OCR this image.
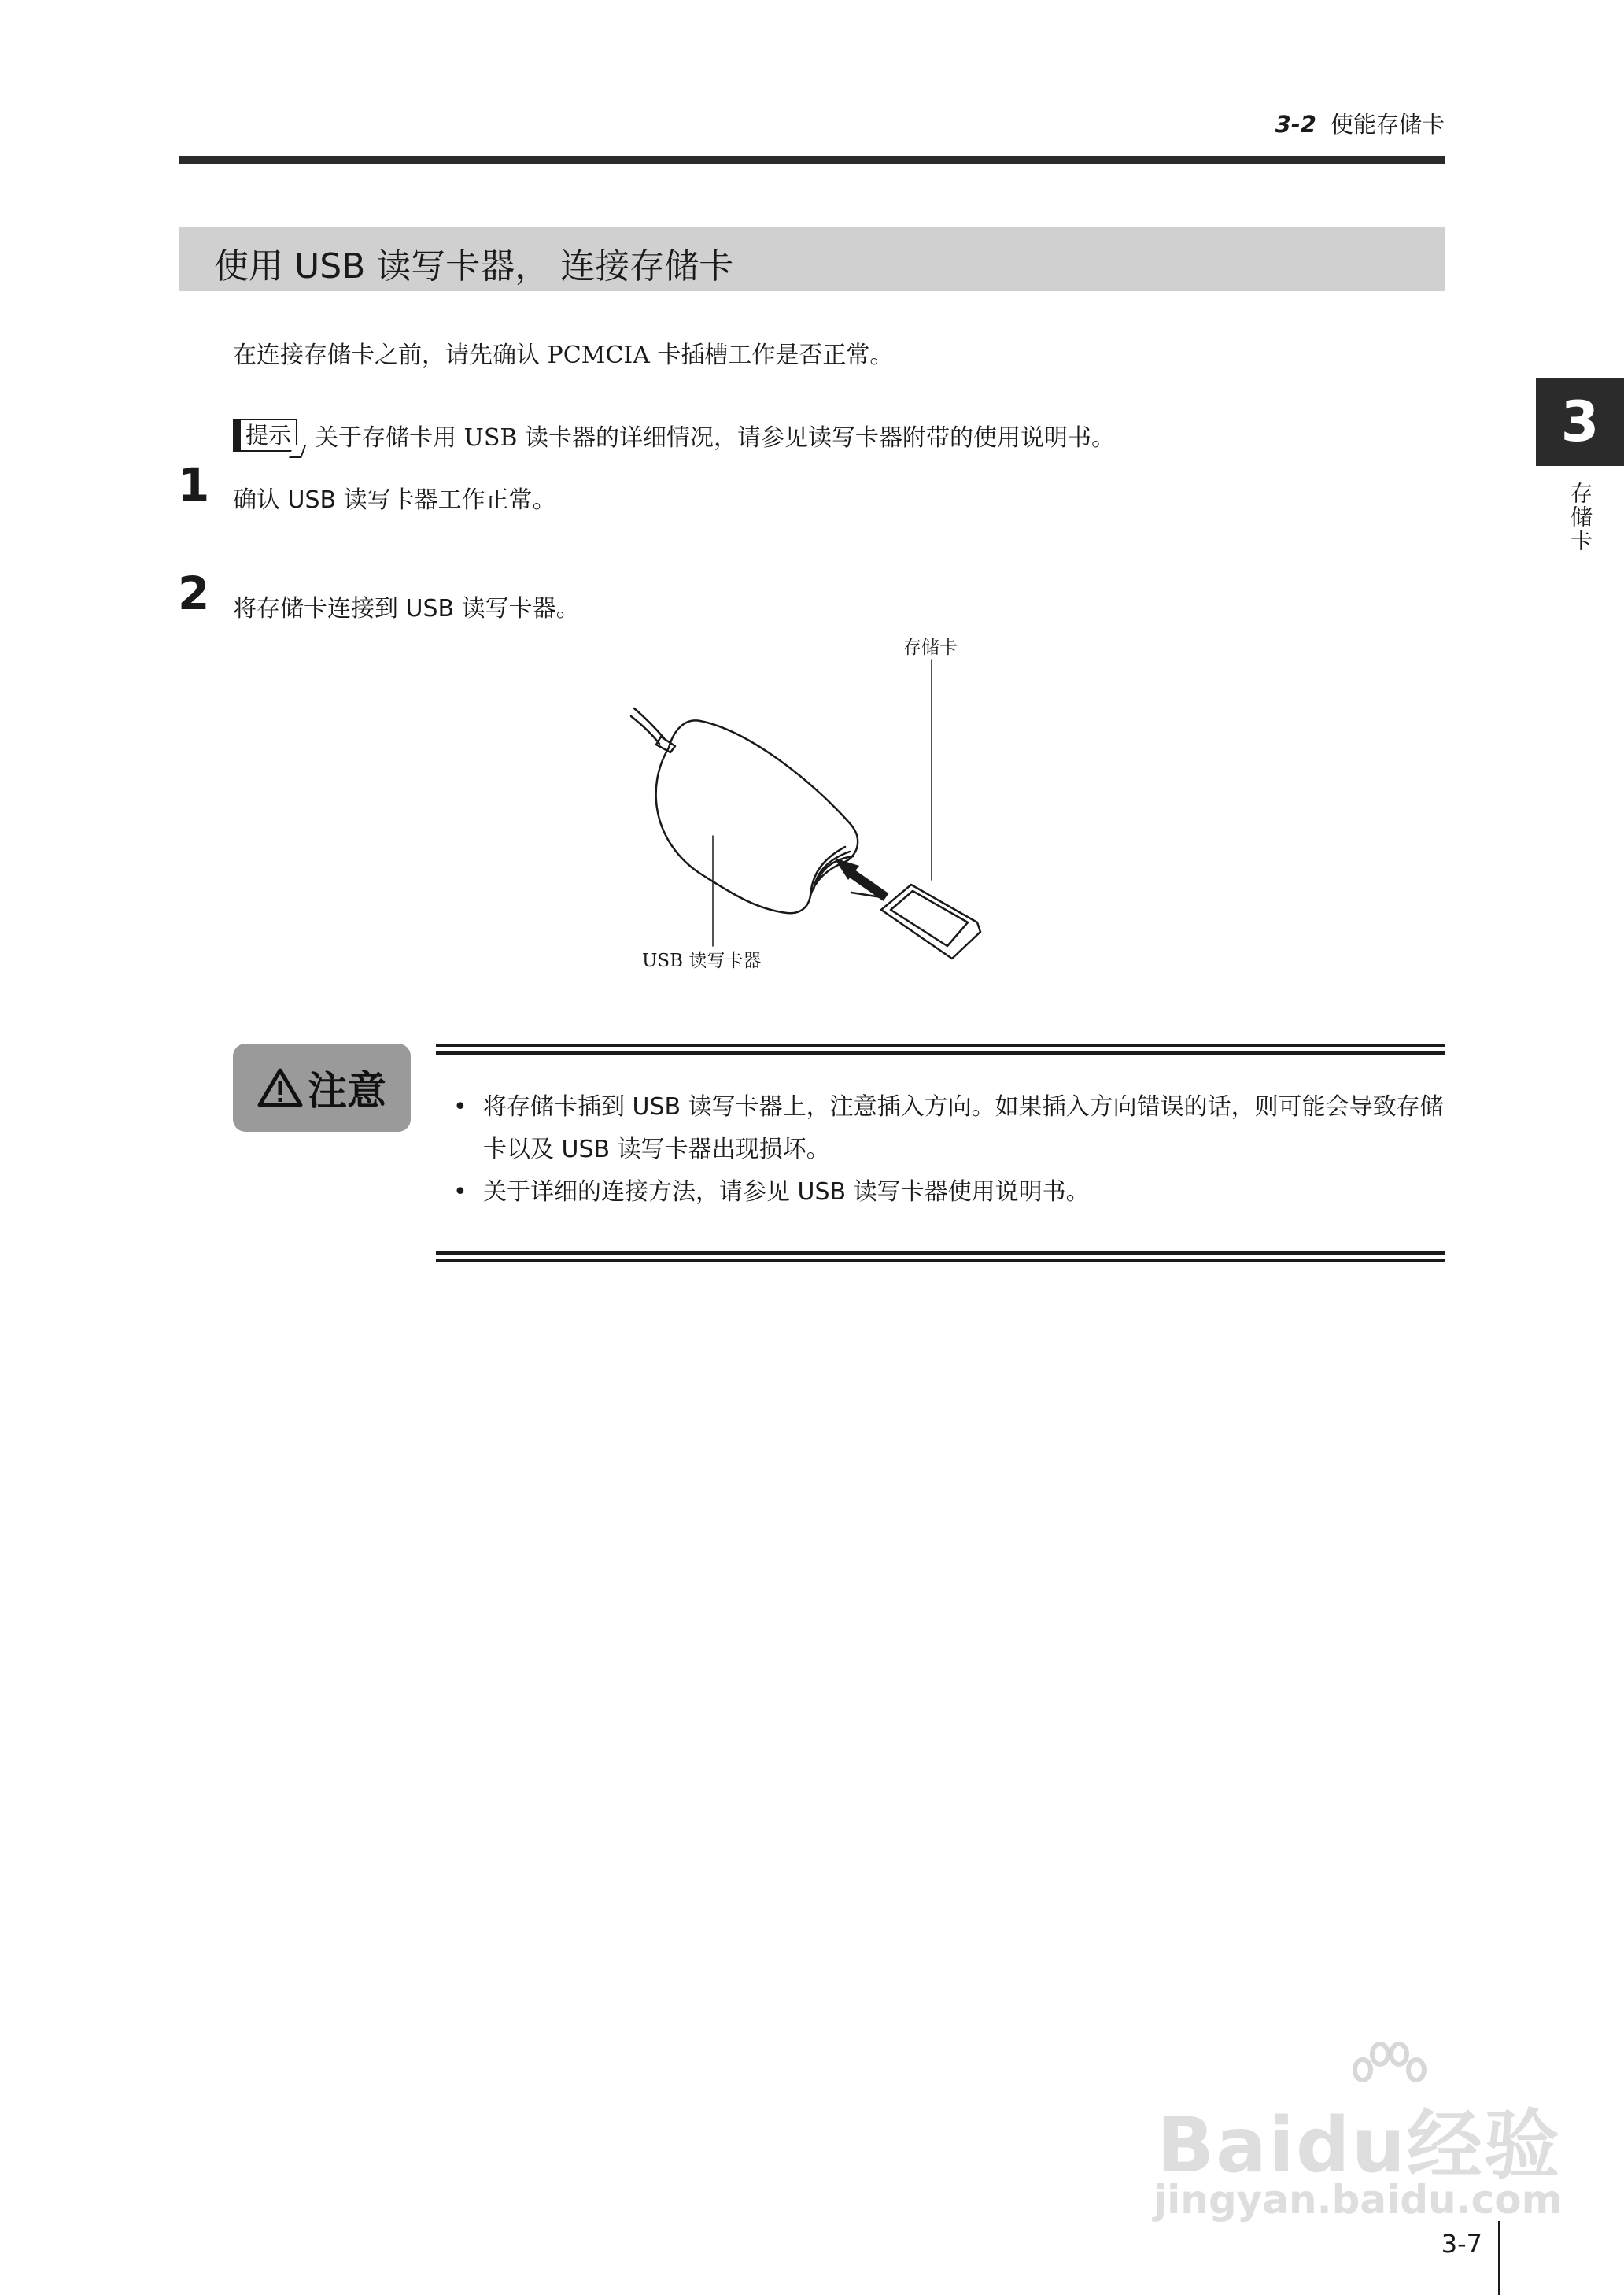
3-2 使能存储卡
使用 USB 读写卡器， 连接存储卡
在连接存储卡之前，请先确认 PCMCIA 卡插槽工作是否正常。
提示 关于存储卡用 USB 读卡器的详细情况，请参见读写卡器附带的使用说明书。
1 确认 USB 读写卡器工作正常。
2 将存储卡连接到 USB 读写卡器。
存储卡
USB 读写卡器
注意
•	将存储卡插到 USB 读写卡器上，注意插入方向。如果插入方向错误的话，则可能会导致存储卡以及 USB 读写卡器出现损坏。
• 关于详细的连接方法，请参见 USB 读写卡器使用说明书。
3
存储卡
3-7
Baidu经验
jingyan.baidu.com
